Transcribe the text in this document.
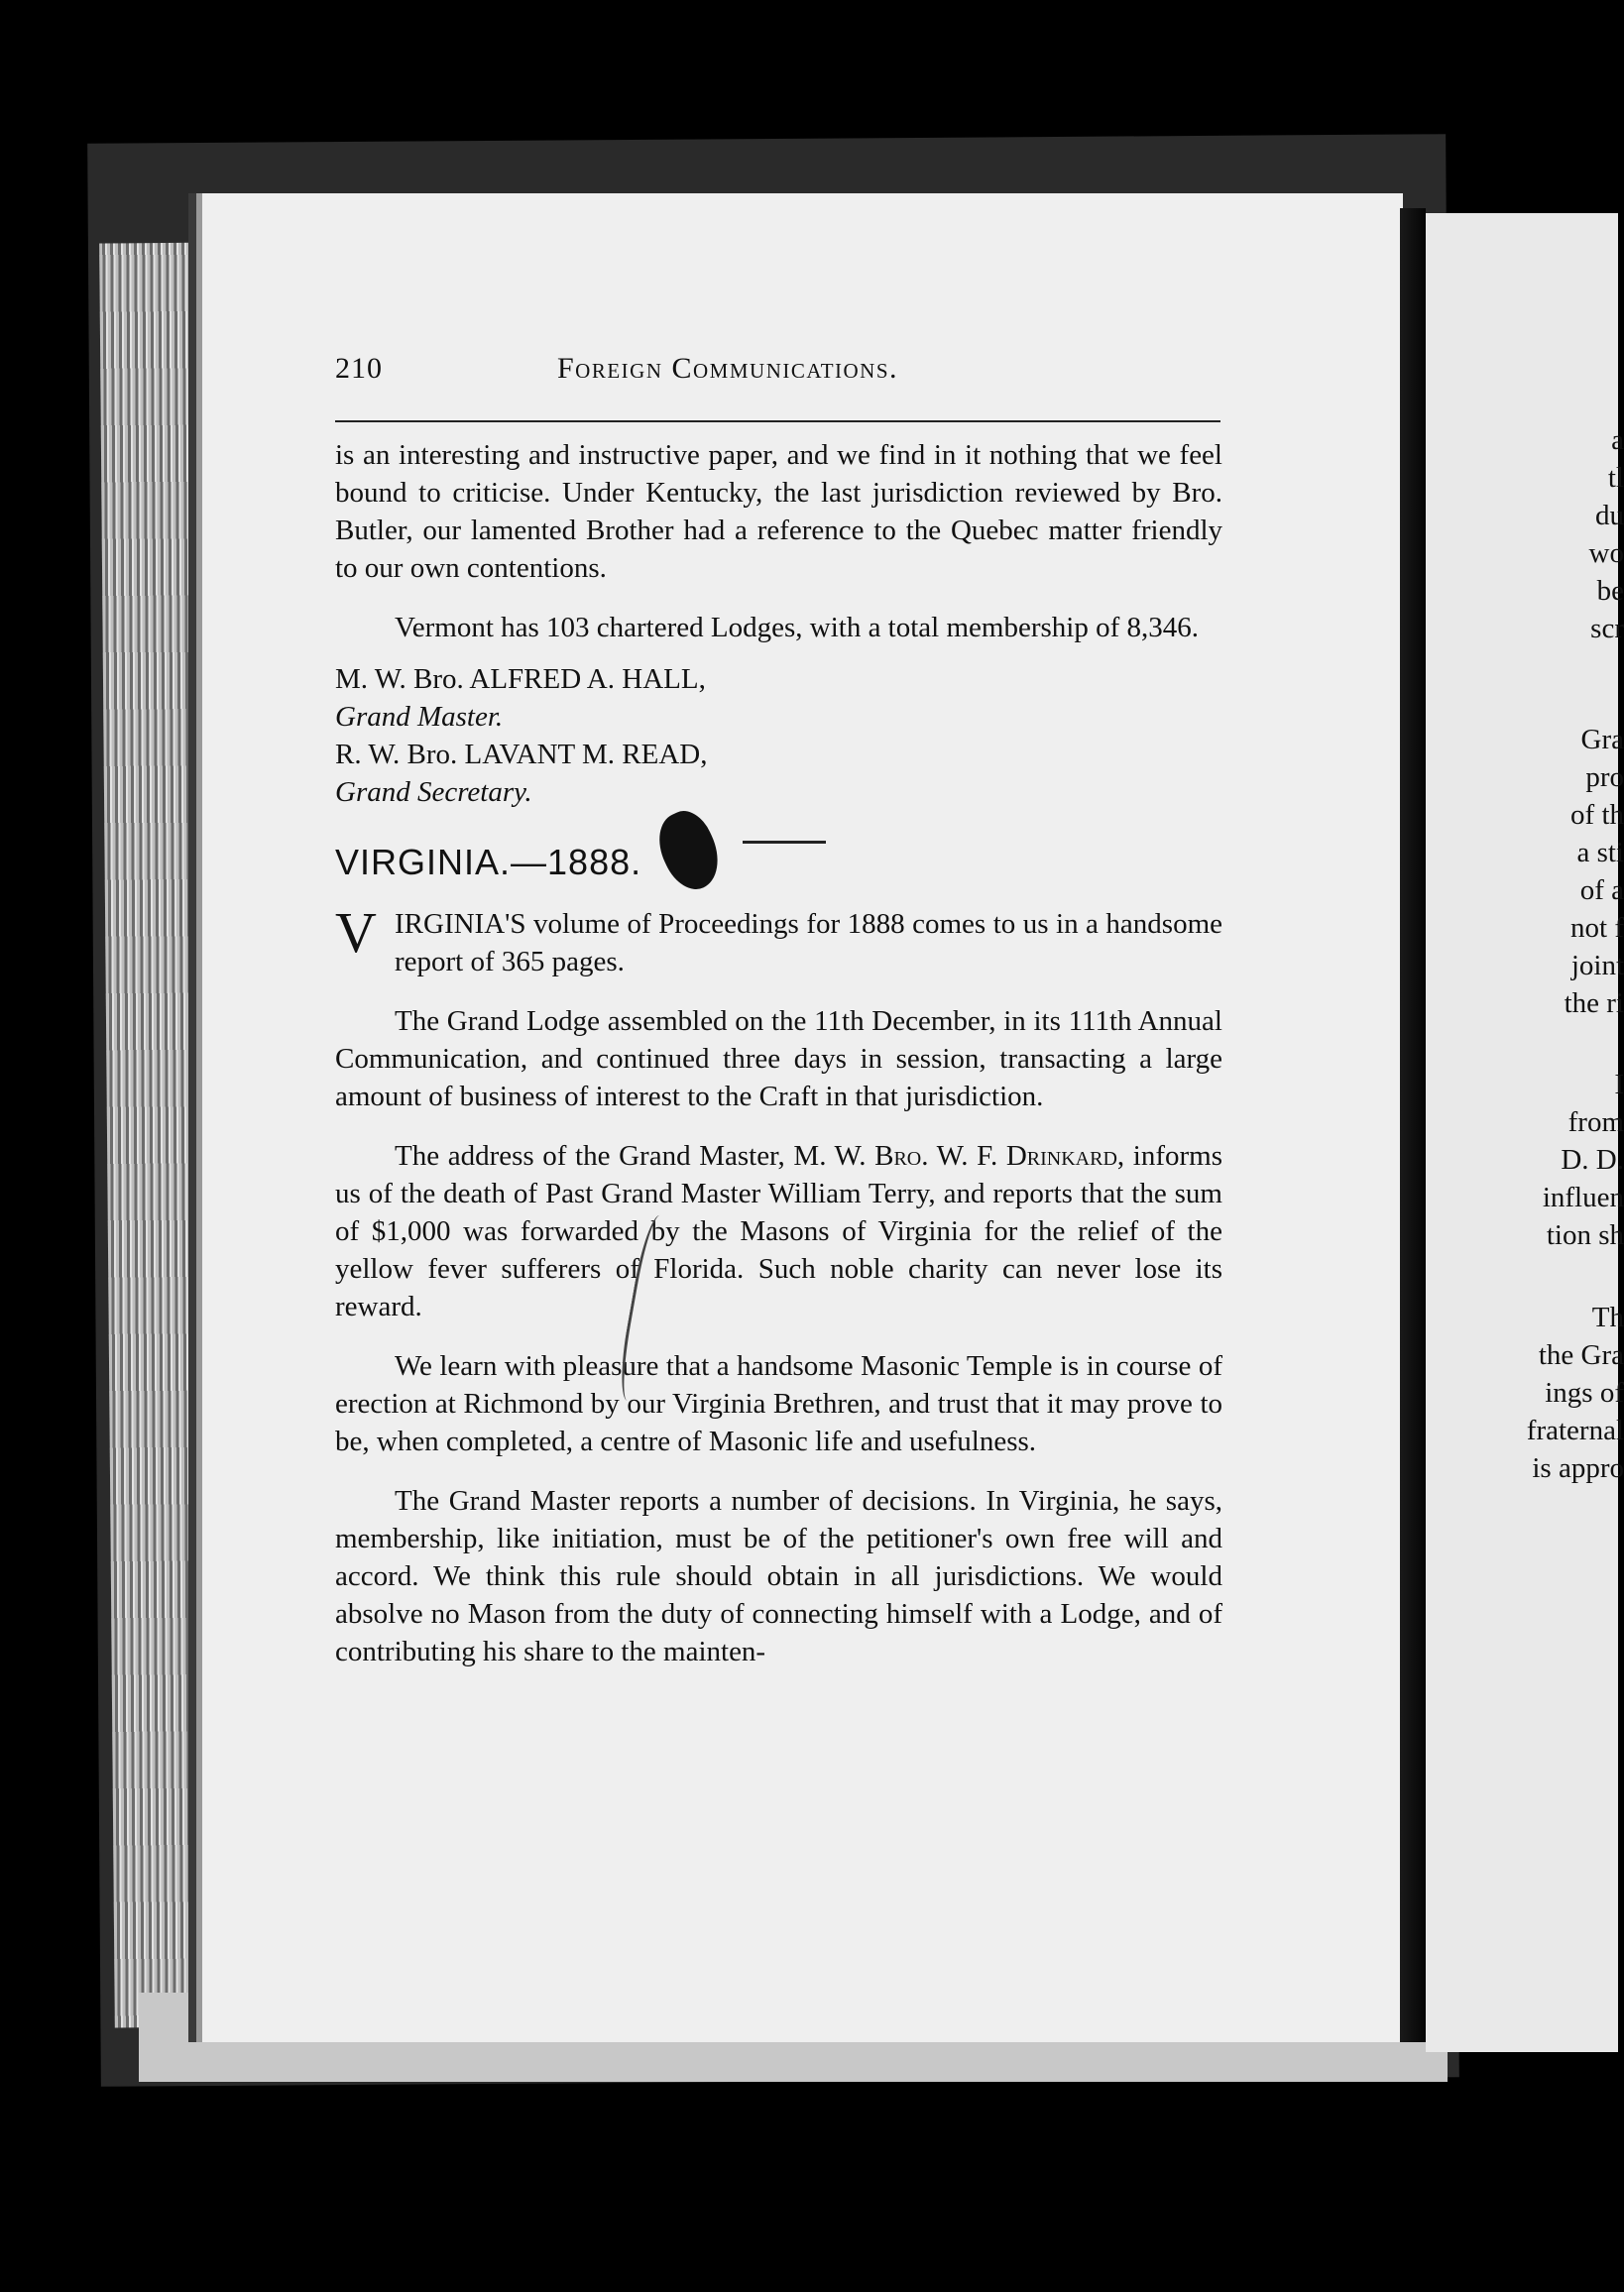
a
tl
du
wo
be
scr
Gra
pro
of th
a sti
of a
not f
joint
the ri
I
from
D. D.
influen
tion sh
Th
the Gra
ings of
fraternal
is appro
210	Foreign Communications.

is an interesting and instructive paper, and we find in it nothing that we feel bound to criticise. Under Kentucky, the last jurisdiction reviewed by Bro. Butler, our lamented Brother had a reference to the Quebec matter friendly to our own contentions.

Vermont has 103 chartered Lodges, with a total membership of 8,346.

M. W. Bro. ALFRED A. HALL,

Grand Master.

R. W. Bro. LAVANT M. READ,

Grand Secretary.

VIRGINIA.—1888.

V IRGINIA'S volume of Proceedings for 1888 comes to us in a handsome report of 365 pages.

The Grand Lodge assembled on the 11th December, in its 111th Annual Communication, and continued three days in session, transacting a large amount of business of interest to the Craft in that jurisdiction.

The address of the Grand Master, M. W. Bro. W. F. Drinkard, informs us of the death of Past Grand Master William Terry, and reports that the sum of $1,000 was forwarded by the Masons of Virginia for the relief of the yellow fever sufferers of Florida. Such noble charity can never lose its reward.

We learn with pleasure that a handsome Masonic Temple is in course of erection at Richmond by our Virginia Brethren, and trust that it may prove to be, when completed, a centre of Masonic life and usefulness.

The Grand Master reports a number of decisions. In Virginia, he says, membership, like initiation, must be of the petitioner's own free will and accord. We think this rule should obtain in all jurisdictions. We would absolve no Mason from the duty of connecting himself with a Lodge, and of contributing his share to the mainten-
